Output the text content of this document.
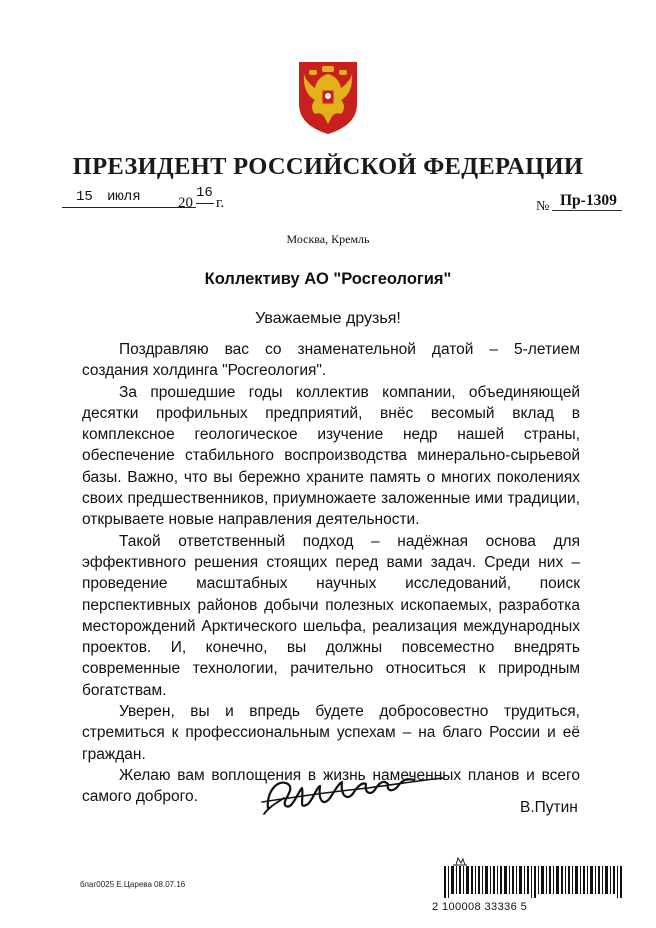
ПРЕЗИДЕНТ РОССИЙСКОЙ ФЕДЕРАЦИИ
15	июля 20
16
г.	№ Пр-1309
Москва, Кремль
Коллективу АО "Росгеология"
Уважаемые друзья!

Поздравляю вас со знаменательной датой – 5-летием создания холдинга "Росгеология".

За прошедшие годы коллектив компании, объединяющей десятки профильных предприятий, внёс весомый вклад в комплексное геологическое изучение недр нашей страны, обеспечение стабильного воспроизводства минерально-сырьевой базы. Важно, что вы бережно храните память о многих поколениях своих предшественников, приумножаете заложенные ими традиции, открываете новые направления деятельности.

Такой ответственный подход – надёжная основа для эффективного решения стоящих перед вами задач. Среди них – проведение масштабных научных исследований, поиск перспективных районов добычи полезных ископаемых, разработка месторождений Арктического шельфа, реализация международных проектов. И, конечно, вы должны повсеместно внедрять современные технологии, рачительно относиться к природным богатствам.

Уверен, вы и впредь будете добросовестно трудиться, стремиться к профессиональным успехам – на благо России и её граждан.

Желаю вам воплощения в жизнь намеченных планов и всего самого доброго.

В.Путин
благ0025 Е.Царева 08.07.16
2 100008 33336 5
